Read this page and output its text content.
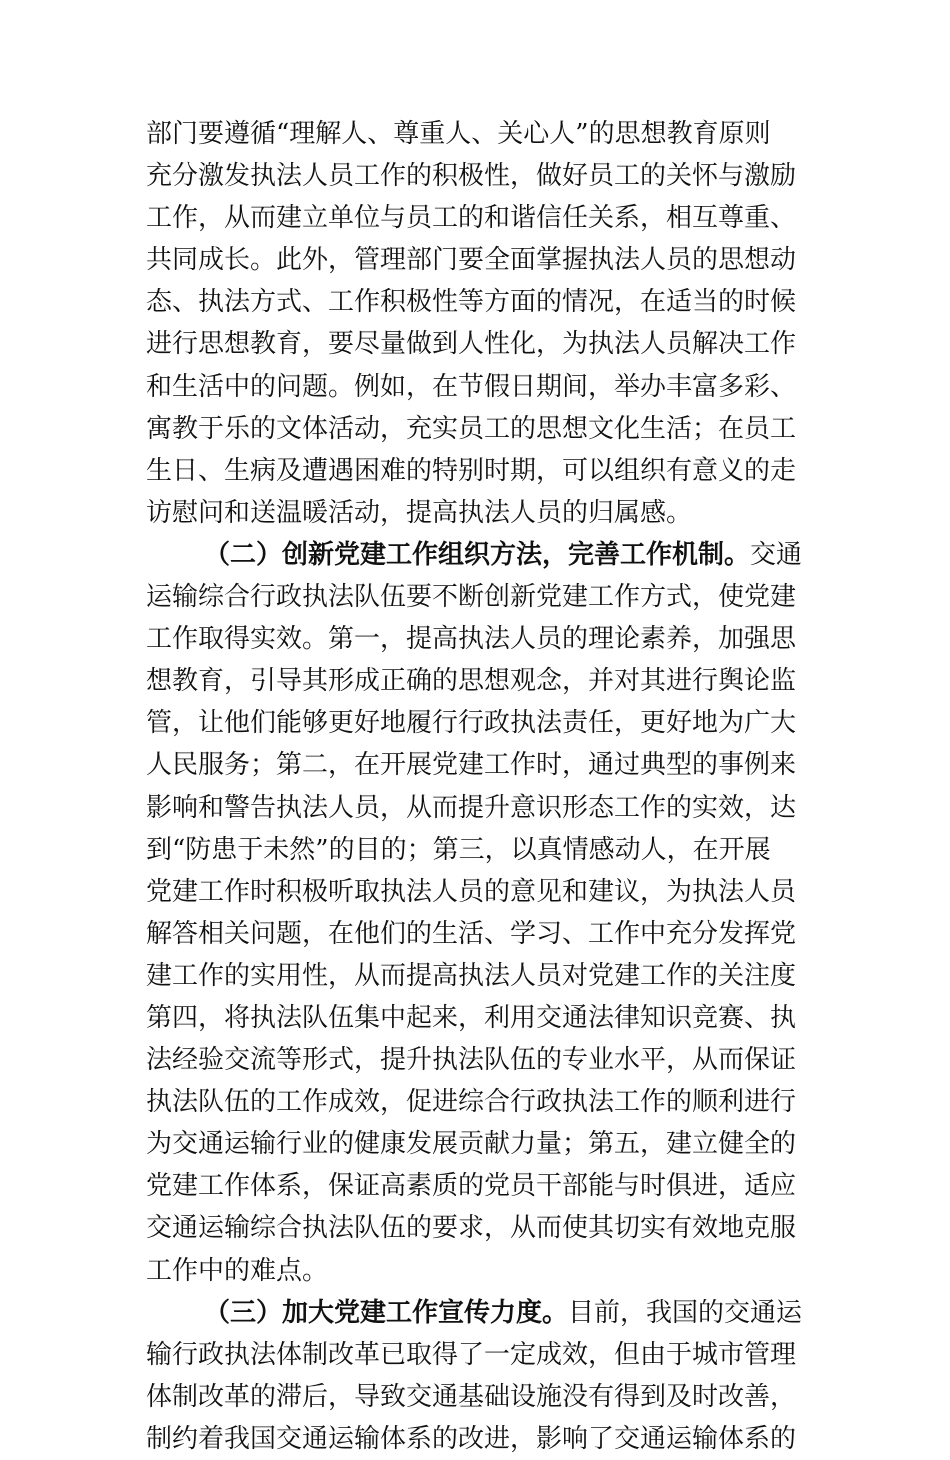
部门要遵循“理解人、尊重人、关心人”的思想教育原则
充分激发执法人员工作的积极性，做好员工的关怀与激励
工作，从而建立单位与员工的和谐信任关系，相互尊重、
共同成长。此外，管理部门要全面掌握执法人员的思想动
态、执法方式、工作积极性等方面的情况，在适当的时候
进行思想教育，要尽量做到人性化，为执法人员解决工作
和生活中的问题。例如，在节假日期间，举办丰富多彩、
寓教于乐的文体活动，充实员工的思想文化生活；在员工
生日、生病及遭遇困难的特别时期，可以组织有意义的走
访慰问和送温暖活动，提高执法人员的归属感。
（二）创新党建工作组织方法，完善工作机制。交通
运输综合行政执法队伍要不断创新党建工作方式，使党建
工作取得实效。第一，提高执法人员的理论素养，加强思
想教育，引导其形成正确的思想观念，并对其进行舆论监
管，让他们能够更好地履行行政执法责任，更好地为广大
人民服务；第二，在开展党建工作时，通过典型的事例来
影响和警告执法人员，从而提升意识形态工作的实效，达
到“防患于未然”的目的；第三，以真情感动人，在开展
党建工作时积极听取执法人员的意见和建议，为执法人员
解答相关问题，在他们的生活、学习、工作中充分发挥党
建工作的实用性，从而提高执法人员对党建工作的关注度
第四，将执法队伍集中起来，利用交通法律知识竞赛、执
法经验交流等形式，提升执法队伍的专业水平，从而保证
执法队伍的工作成效，促进综合行政执法工作的顺利进行
为交通运输行业的健康发展贡献力量；第五，建立健全的
党建工作体系，保证高素质的党员干部能与时俱进，适应
交通运输综合执法队伍的要求，从而使其切实有效地克服
工作中的难点。
（三）加大党建工作宣传力度。目前，我国的交通运
输行政执法体制改革已取得了一定成效，但由于城市管理
体制改革的滞后，导致交通基础设施没有得到及时改善，
制约着我国交通运输体系的改进，影响了交通运输体系的
